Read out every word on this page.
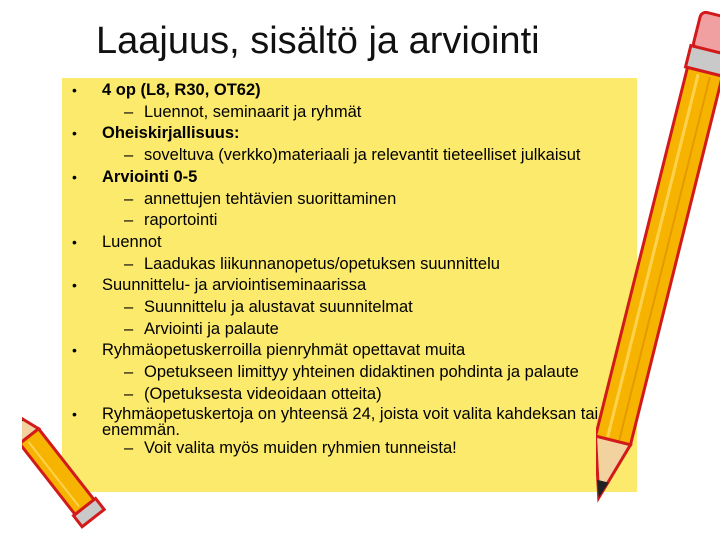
Laajuus, sisältö ja arviointi
• 4 op (L8, R30, OT62)
– Luennot, seminaarit ja ryhmät
• Oheiskirjallisuus:
– soveltuva (verkko)materiaali ja relevantit tieteelliset julkaisut
• Arviointi 0-5
– annettujen tehtävien suorittaminen
– raportointi
• Luennot
– Laadukas liikunnanopetus/opetuksen suunnittelu
• Suunnittelu- ja arviointiseminaarissa
– Suunnittelu ja alustavat suunnitelmat
– Arviointi ja palaute
• Ryhmäopetuskerroilla pienryhmät opettavat muita
– Opetukseen limittyy yhteinen didaktinen pohdinta ja palaute
– (Opetuksesta videoidaan otteita)
• Ryhmäopetuskertoja on yhteensä 24, joista voit valita kahdeksan tai enemmän.
– Voit valita myös muiden ryhmien tunneista!
